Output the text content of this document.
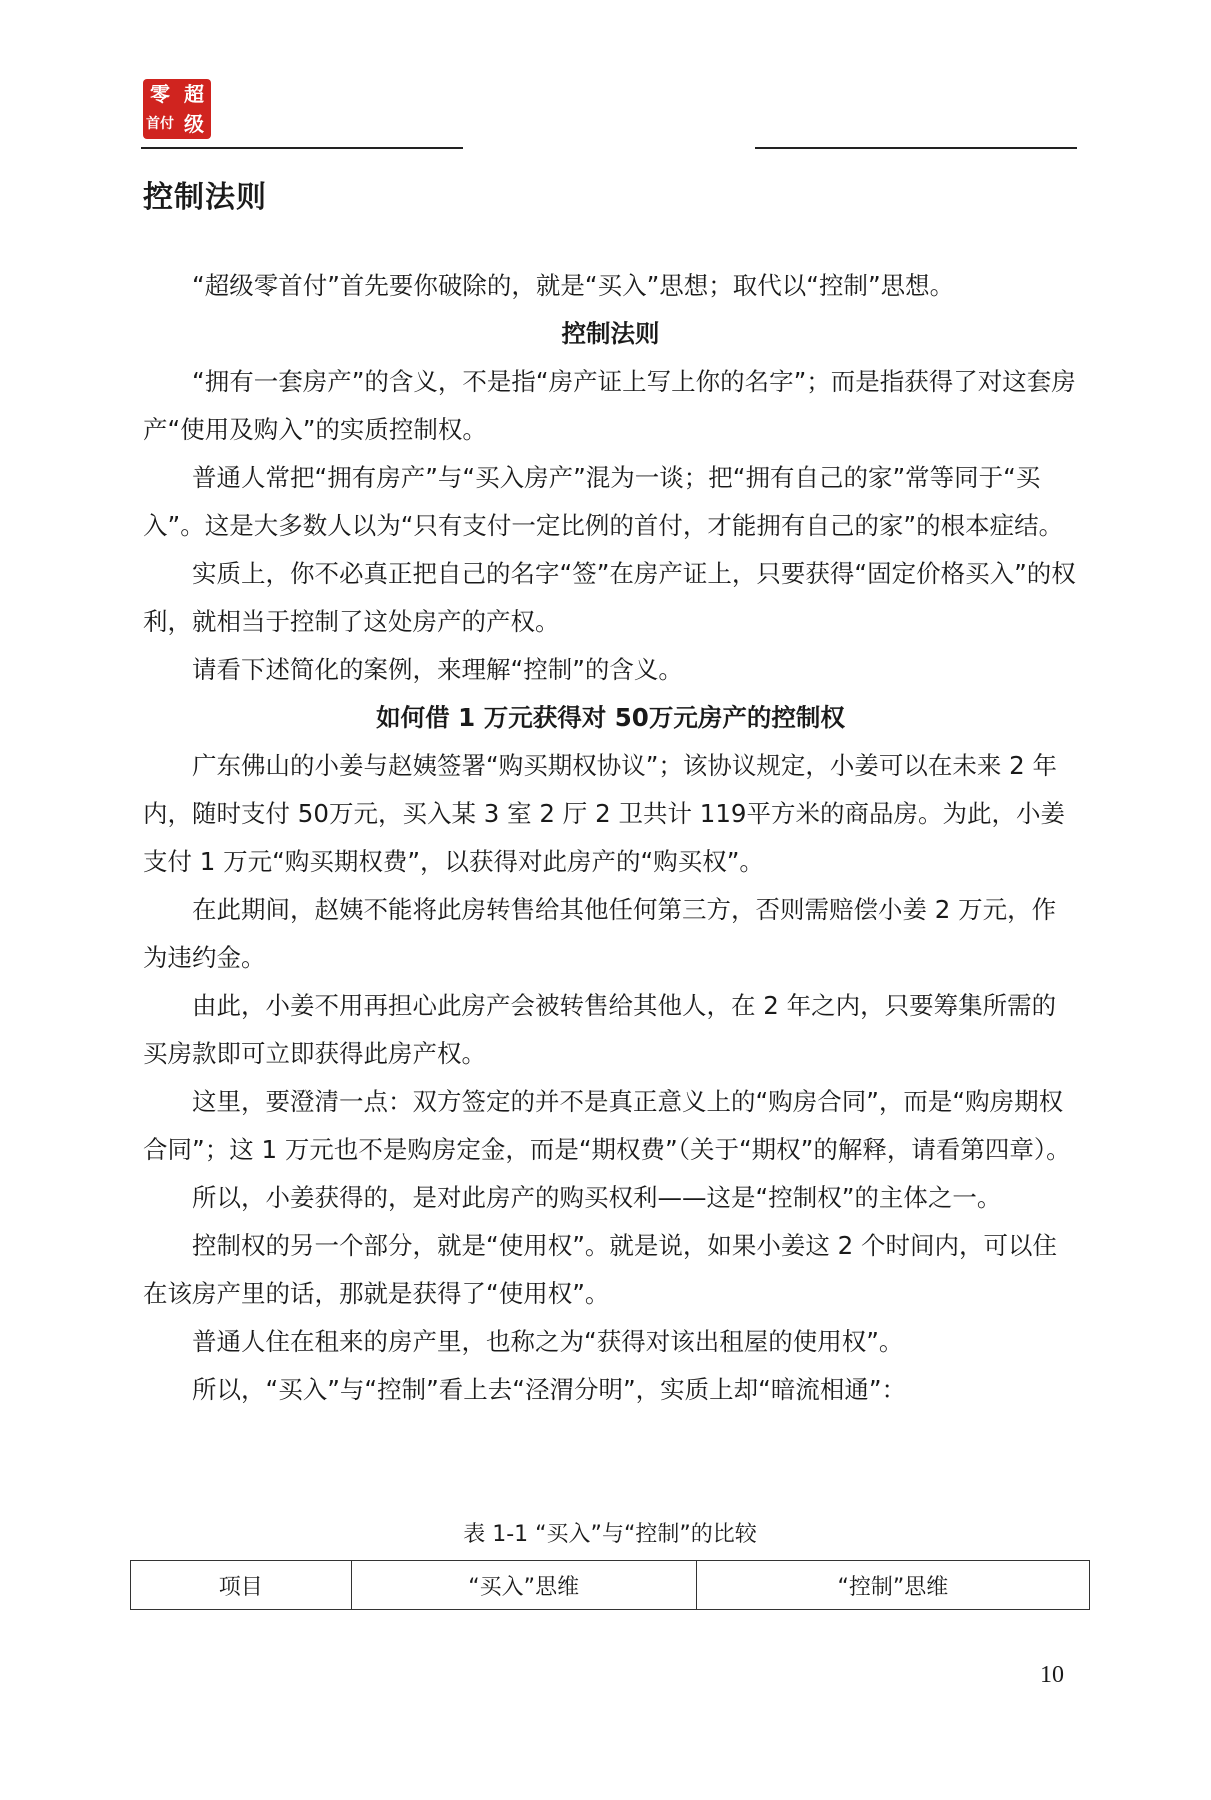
零 超
首付 级
控制法则

“超级零首付”首先要你破除的，就是“买入”思想；取代以“控制”思想。

控制法则

“拥有一套房产”的含义，不是指“房产证上写上你的名字”；而是指获得了对这套房产“使用及购入”的实质控制权。

普通人常把“拥有房产”与“买入房产”混为一谈；把“拥有自己的家”常等同于“买入”。这是大多数人以为“只有支付一定比例的首付，才能拥有自己的家”的根本症结。

实质上，你不必真正把自己的名字“签”在房产证上，只要获得“固定价格买入”的权利，就相当于控制了这处房产的产权。

请看下述简化的案例，来理解“控制”的含义。

如何借 1 万元获得对 50万元房产的控制权

广东佛山的小姜与赵姨签署“购买期权协议”；该协议规定，小姜可以在未来 2 年内，随时支付 50万元，买入某 3 室 2 厅 2 卫共计 119平方米的商品房。为此，小姜支付 1 万元“购买期权费”，以获得对此房产的“购买权”。

在此期间，赵姨不能将此房转售给其他任何第三方，否则需赔偿小姜 2 万元，作为违约金。

由此，小姜不用再担心此房产会被转售给其他人，在 2 年之内，只要筹集所需的买房款即可立即获得此房产权。

这里，要澄清一点：双方签定的并不是真正意义上的“购房合同”，而是“购房期权合同”；这 1 万元也不是购房定金，而是“期权费”（关于“期权”的解释，请看第四章）。

所以，小姜获得的，是对此房产的购买权利——这是“控制权”的主体之一。

控制权的另一个部分，就是“使用权”。就是说，如果小姜这 2 个时间内，可以住在该房产里的话，那就是获得了“使用权”。

普通人住在租来的房产里，也称之为“获得对该出租屋的使用权”。

所以，“买入”与“控制”看上去“泾渭分明”，实质上却“暗流相通”：

表 1-1 “买入”与“控制”的比较
项目	“买入”思维	“控制”思维
10
